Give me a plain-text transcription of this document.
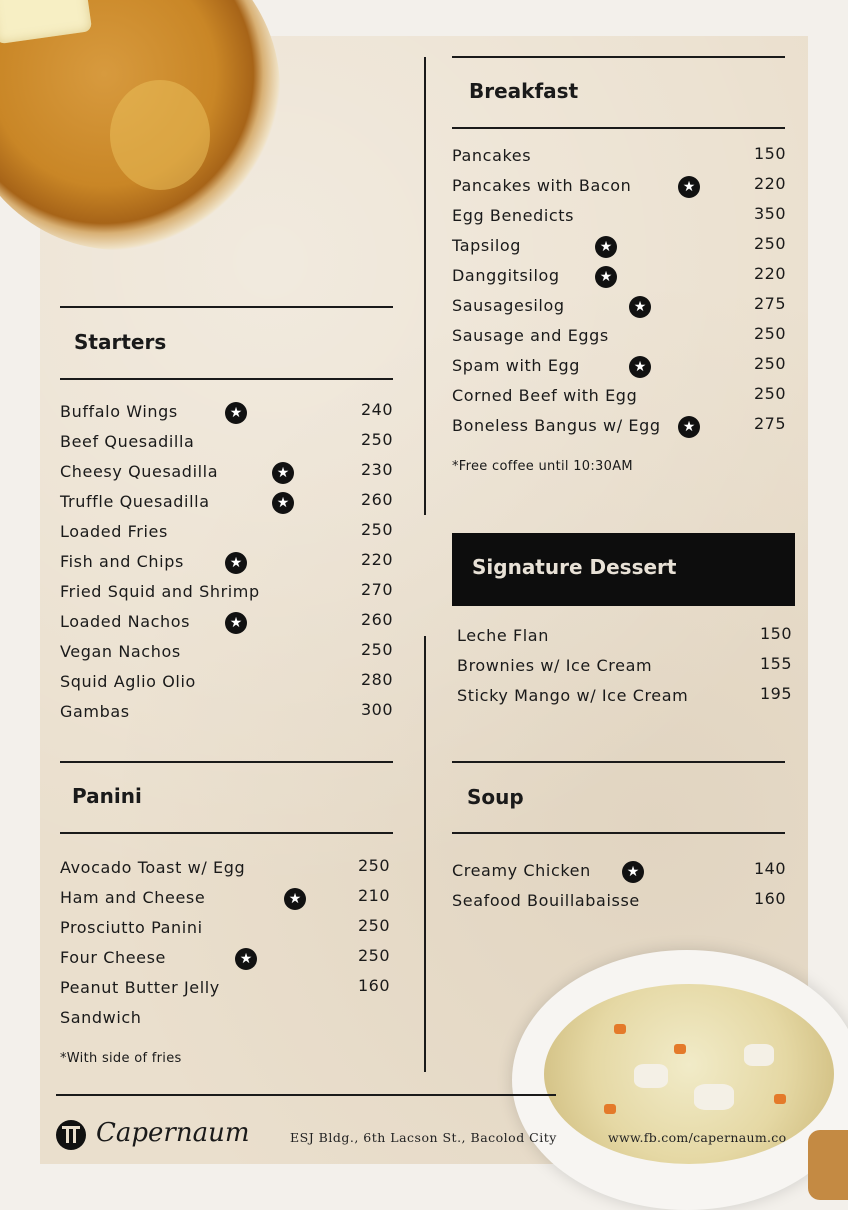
Starters
Buffalo Wings	240
★
Beef Quesadilla	250
Cheesy Quesadilla	230
★
Truffle Quesadilla	260
★
Loaded Fries	250
Fish and Chips	220
★
Fried Squid and Shrimp	270
Loaded Nachos	260
★
Vegan Nachos	250
Squid Aglio Olio	280
Gambas	300
Panini
Avocado Toast w/ Egg	250
Ham and Cheese	210
★
Prosciutto Panini	250
Four Cheese	250
★
Peanut Butter Jelly	160
Sandwich
*With side of fries
Breakfast
Pancakes	150
Pancakes with Bacon	220
★
Egg Benedicts	350
Tapsilog	250
★
Danggitsilog	220
★
Sausagesilog	275
★
Sausage and Eggs	250
Spam with Egg	250
★
Corned Beef with Egg	250
Boneless Bangus w/ Egg	275
★
*Free coffee until 10:30AM
Signature Dessert
Leche Flan	150
Brownies w/ Ice Cream	155
Sticky Mango w/ Ice Cream	195
Soup
Creamy Chicken	140
★
Seafood Bouillabaisse	160
Capernaum	ESJ Bldg., 6th Lacson St., Bacolod City	www.fb.com/capernaum.co
